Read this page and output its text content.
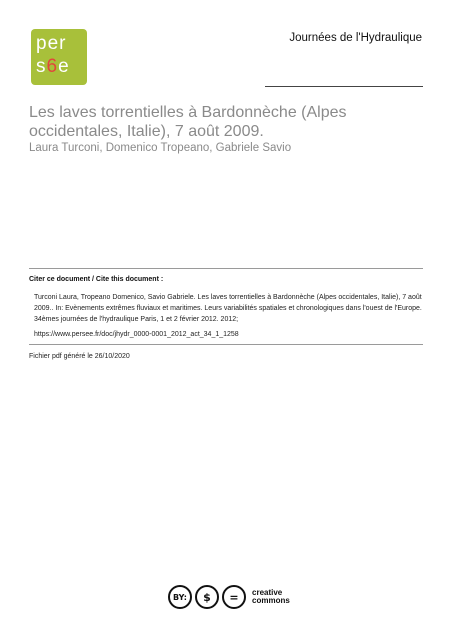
per
s6e
Journées de l'Hydraulique
Les laves torrentielles à Bardonnèche (Alpes occidentales, Italie), 7 août 2009.
Laura Turconi, Domenico Tropeano, Gabriele Savio
Citer ce document / Cite this document :
Turconi Laura, Tropeano Domenico, Savio Gabriele. Les laves torrentielles à Bardonnèche (Alpes occidentales, Italie), 7 août 2009.. In: Evènements extrêmes fluviaux et maritimes. Leurs variabilités spatiales et chronologiques dans l'ouest de l'Europe. 34èmes journées de l'hydraulique Paris, 1 et 2 février 2012. 2012;
https://www.persee.fr/doc/jhydr_0000-0001_2012_act_34_1_1258
Fichier pdf généré le 26/10/2020
BY:	$	=	creative
commons
